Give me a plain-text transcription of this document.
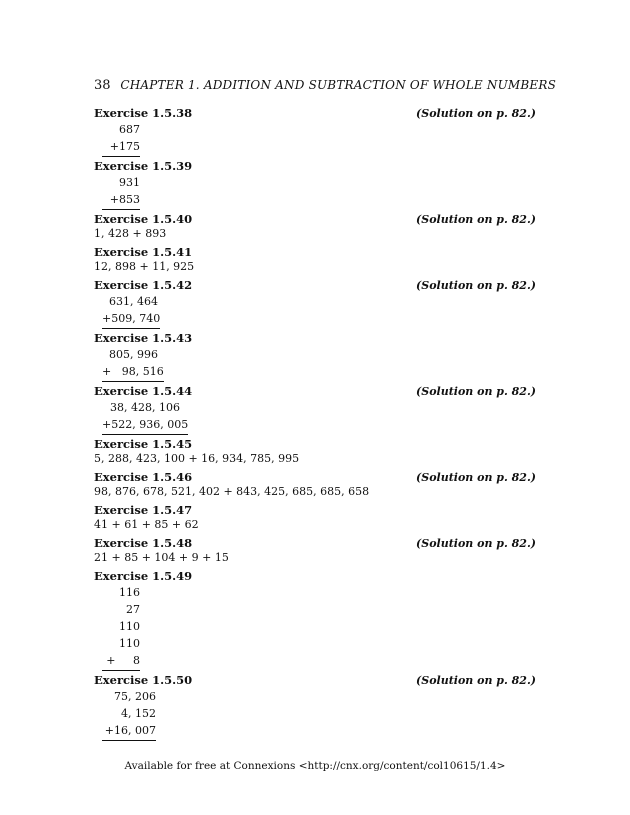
38 CHAPTER 1. ADDITION AND SUBTRACTION OF WHOLE NUMBERS
Exercise 1.5.38	(Solution on p. 82.)
687
+175
Exercise 1.5.39
931
+853
Exercise 1.5.40	(Solution on p. 82.)
1, 428 + 893
Exercise 1.5.41
12, 898 + 11, 925
Exercise 1.5.42	(Solution on p. 82.)
631, 464
+509, 740
Exercise 1.5.43
805, 996
+   98, 516
Exercise 1.5.44	(Solution on p. 82.)
38, 428, 106
+522, 936, 005
Exercise 1.5.45
5, 288, 423, 100 + 16, 934, 785, 995
Exercise 1.5.46	(Solution on p. 82.)
98, 876, 678, 521, 402 + 843, 425, 685, 685, 658
Exercise 1.5.47
41 + 61 + 85 + 62
Exercise 1.5.48	(Solution on p. 82.)
21 + 85 + 104 + 9 + 15
Exercise 1.5.49
116
27
110
110
+     8
Exercise 1.5.50	(Solution on p. 82.)
75, 206
4, 152
+16, 007
Available for free at Connexions <http://cnx.org/content/col10615/1.4>
